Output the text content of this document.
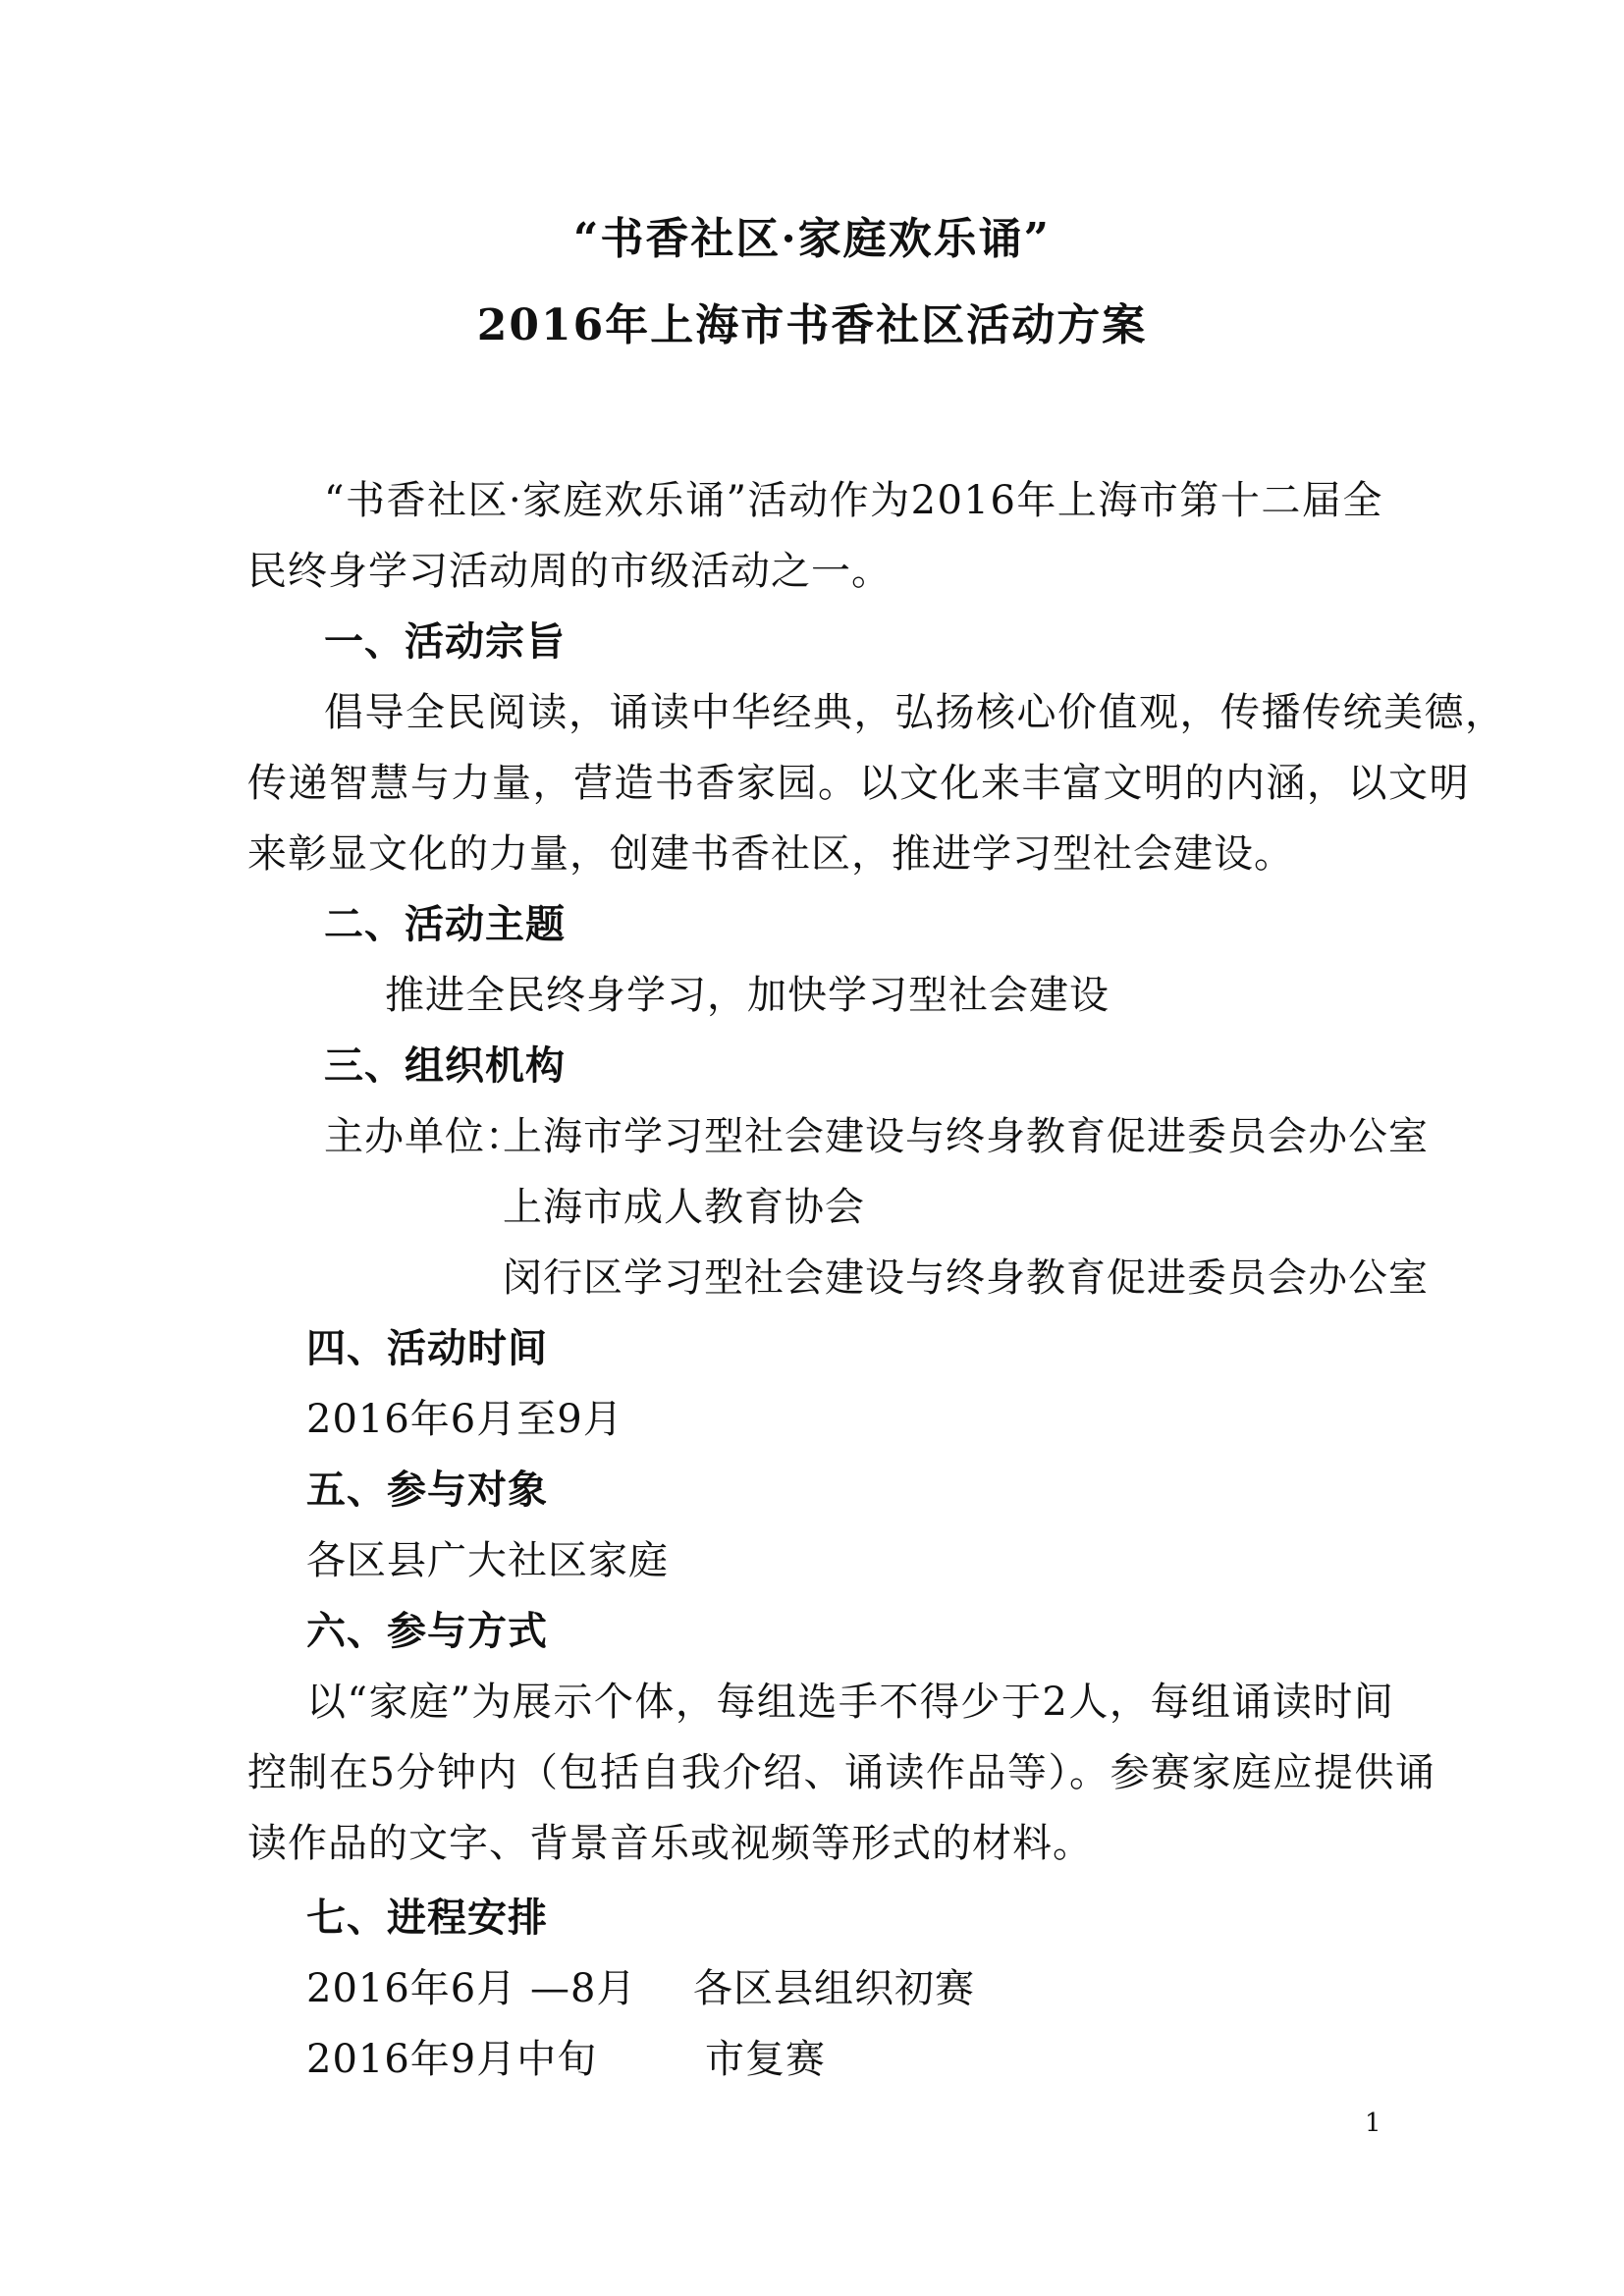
“书香社区·家庭欢乐诵”
2016年上海市书香社区活动方案
“书香社区·家庭欢乐诵”活动作为2016年上海市第十二届全
民终身学习活动周的市级活动之一。
一、活动宗旨
倡导全民阅读，诵读中华经典，弘扬核心价值观，传播传统美德，
传递智慧与力量，营造书香家园。以文化来丰富文明的内涵，以文明
来彰显文化的力量，创建书香社区，推进学习型社会建设。
二、活动主题
推进全民终身学习，加快学习型社会建设
三、组织机构
主办单位：
上海市学习型社会建设与终身教育促进委员会办公室
上海市成人教育协会
闵行区学习型社会建设与终身教育促进委员会办公室
四、活动时间
2016年6月至9月
五、参与对象
各区县广大社区家庭
六、参与方式
以“家庭”为展示个体，每组选手不得少于2人，每组诵读时间
控制在5分钟内（包括自我介绍、诵读作品等）。参赛家庭应提供诵
读作品的文字、背景音乐或视频等形式的材料。
七、进程安排
2016年6月 —8月 各区县组织初赛
2016年9月中旬	市复赛
1
